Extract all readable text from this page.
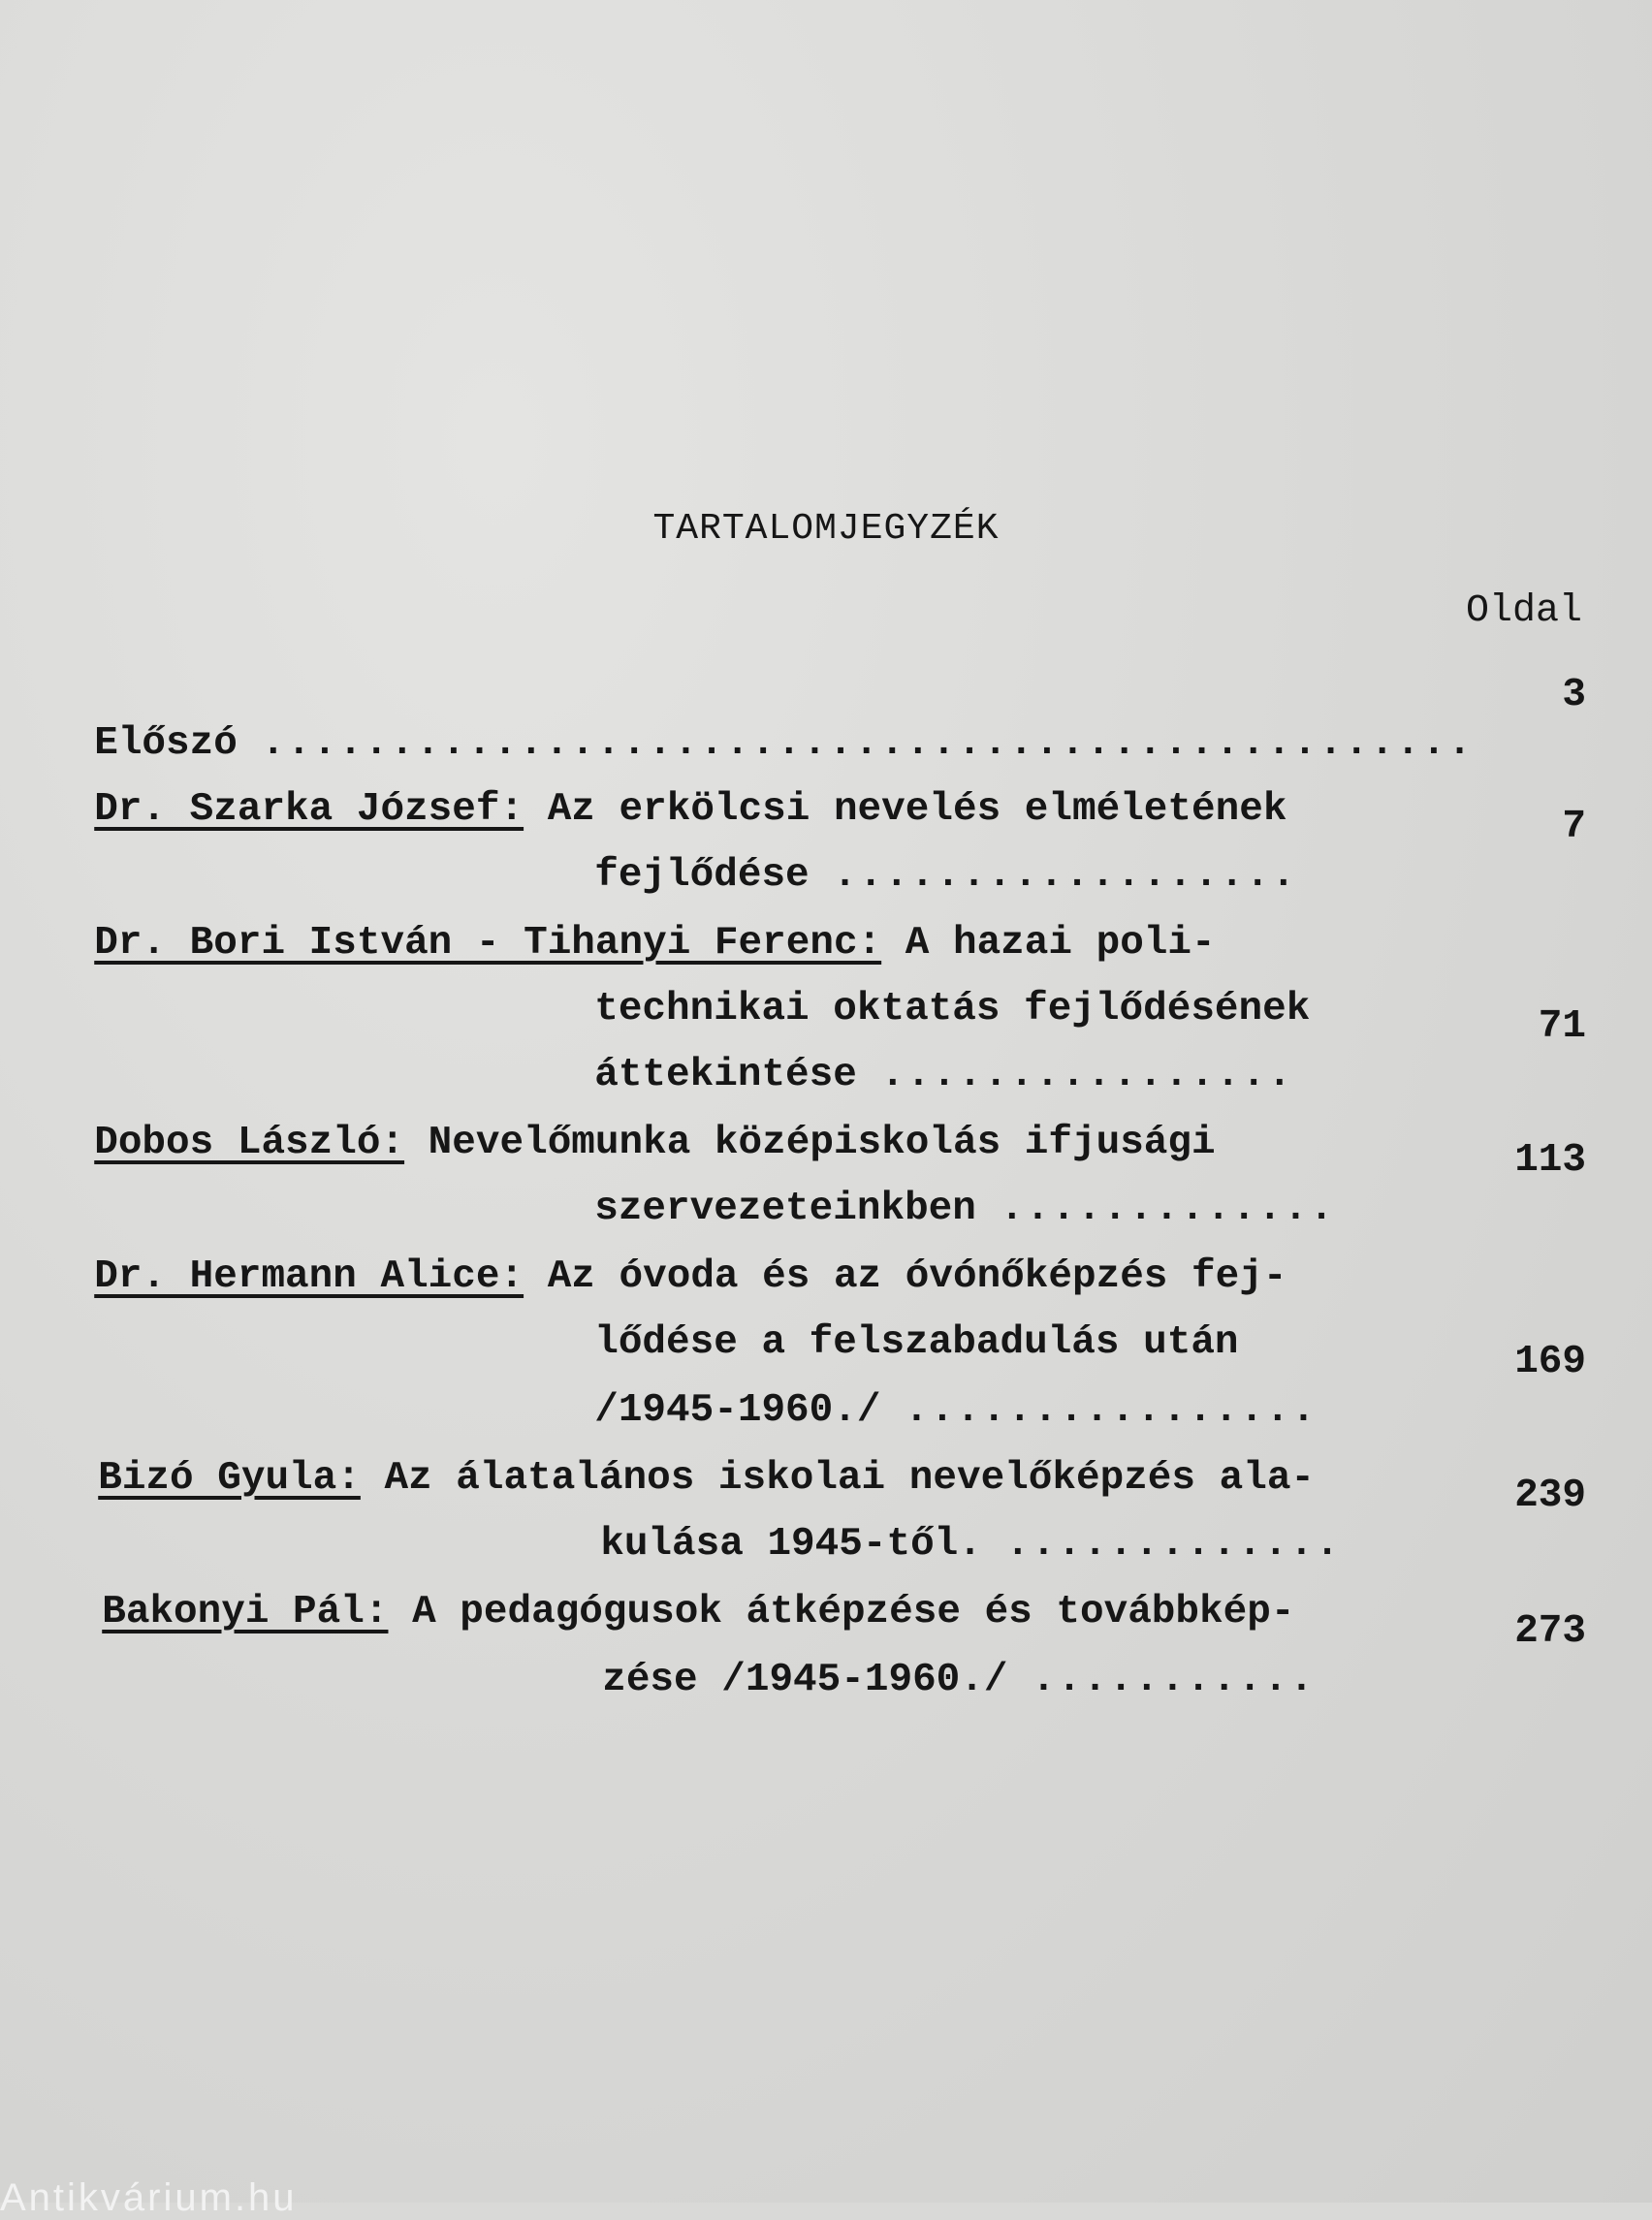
TARTALOMJEGYZÉK
Oldal

Előszó ...............................................

3

Dr. Szarka József: Az erkölcsi nevelés elméletének

fejlődése ..................

7

Dr. Bori István - Tihanyi Ferenc: A hazai poli-

technikai oktatás fejlődésének

áttekintése ................

71

Dobos László: Nevelőmunka középiskolás ifjusági

szervezeteinkben .............

113

Dr. Hermann Alice: Az óvoda és az óvónőképzés fej-

lődése a felszabadulás után

/1945-1960./ ................

169

Bizó Gyula: Az álatalános iskolai nevelőképzés ala-

kulása 1945-től. .............

239

Bakonyi Pál: A pedagógusok átképzése és továbbkép-

zése /1945-1960./ ...........

273
Antikvárium.hu
